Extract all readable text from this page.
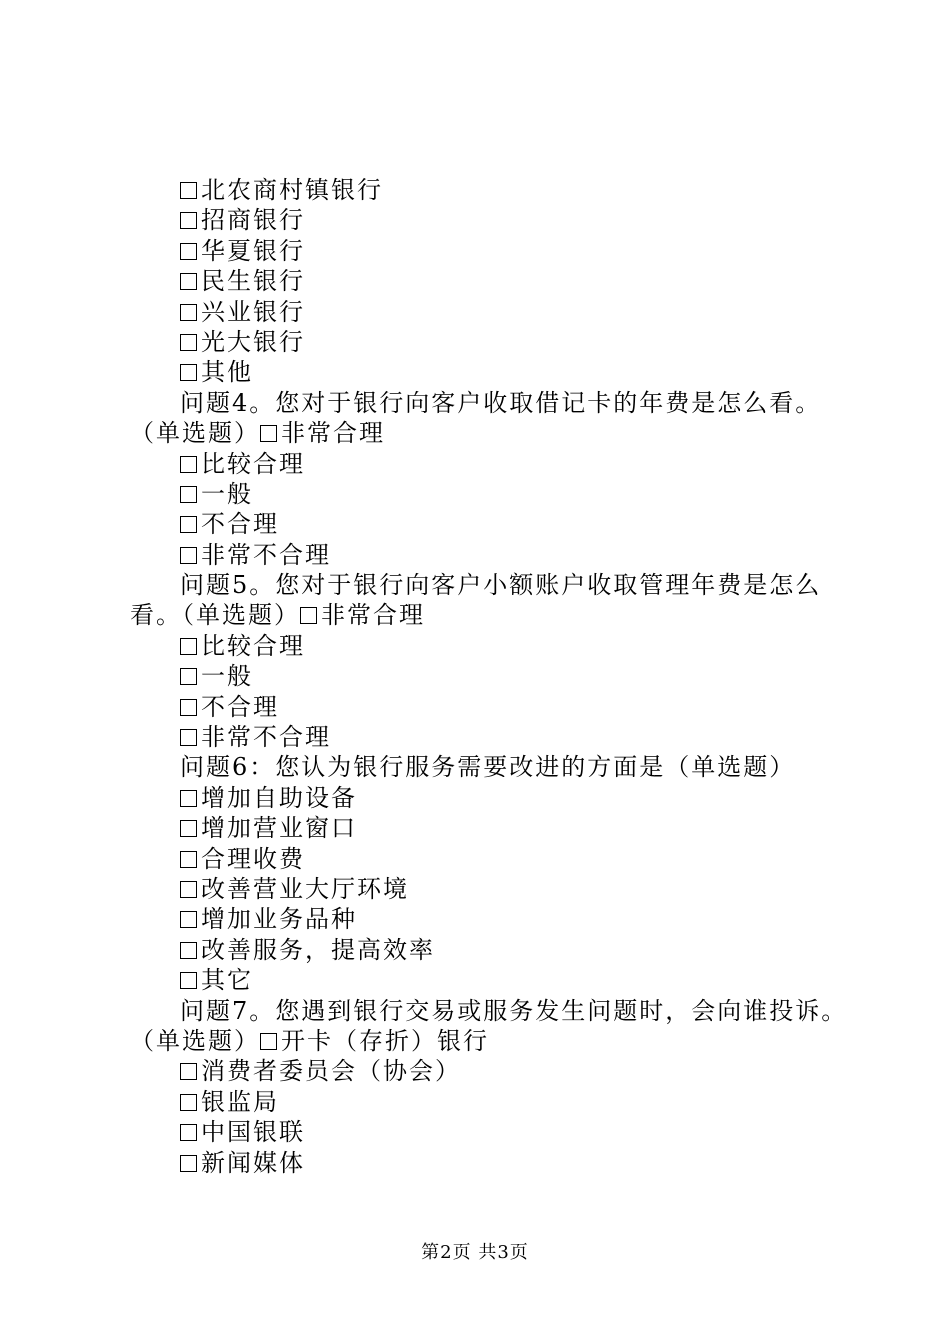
北农商村镇银行
招商银行
华夏银行
民生银行
兴业银行
光大银行
其他
问题4。您对于银行向客户收取借记卡的年费是怎么看。
（单选题） 非常合理
比较合理
一般
不合理
非常不合理
问题5。您对于银行向客户小额账户收取管理年费是怎么
看。（单选题） 非常合理
比较合理
一般
不合理
非常不合理
问题6：您认为银行服务需要改进的方面是（单选题）
增加自助设备
增加营业窗口
合理收费
改善营业大厅环境
增加业务品种
改善服务，提高效率
其它
问题7。您遇到银行交易或服务发生问题时，会向谁投诉。
（单选题） 开卡（存折）银行
消费者委员会（协会）
银监局
中国银联
新闻媒体
第2页 共3页
